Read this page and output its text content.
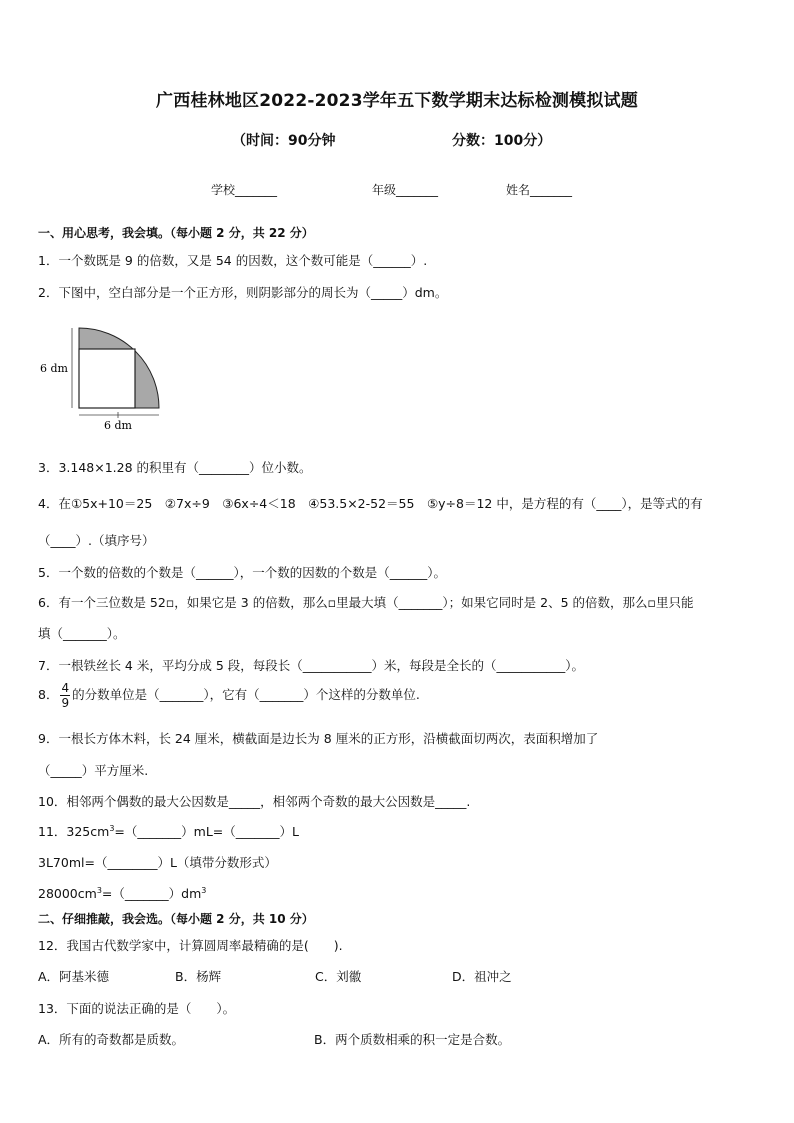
广西桂林地区2022-2023学年五下数学期末达标检测模拟试题
（时间：90分钟	分数：100分）
学校_______	年级_______	姓名_______
一、用心思考，我会填。（每小题 2 分，共 22 分）
1．一个数既是 9 的倍数，又是 54 的因数，这个数可能是（______）.
2．下图中，空白部分是一个正方形，则阴影部分的周长为（_____）dm。
6 dm
6 dm
3．3.148×1.28 的积里有（________）位小数。
4．在①5x+10＝25　②7x÷9　③6x÷4＜18　④53.5×2-52＝55　⑤y÷8＝12 中，是方程的有（____），是等式的有
（____）.（填序号）
5．一个数的倍数的个数是（______），一个数的因数的个数是（______）。
6．有一个三位数是 52▫，如果它是 3 的倍数，那么▫里最大填（_______）；如果它同时是 2、5 的倍数，那么▫里只能
填（_______）。
7．一根铁丝长 4 米，平均分成 5 段，每段长（___________）米，每段是全长的（___________）。
8． $\frac{4}{9}$ 的分数单位是（_______），它有（_______）个这样的分数单位.
9．一根长方体木料，长 24 厘米，横截面是边长为 8 厘米的正方形，沿横截面切两次，表面积增加了
（_____）平方厘米.
10．相邻两个偶数的最大公因数是_____，相邻两个奇数的最大公因数是_____.
11．$325cm^3=(\_\_\_\_\_\_\_)mL=(\_\_\_\_\_\_\_)L$
3L70ml=（________）L（填带分数形式）
$28000cm^3=(\_\_\_\_\_\_\_)dm^3$
二、仔细推敲，我会选。（每小题 2 分，共 10 分）
12．我国古代数学家中，计算圆周率最精确的是(　　).
A．阿基米德	B．杨辉	C．刘徽	D．祖冲之
13．下面的说法正确的是（　　）。
A．所有的奇数都是质数。	B．两个质数相乘的积一定是合数。
